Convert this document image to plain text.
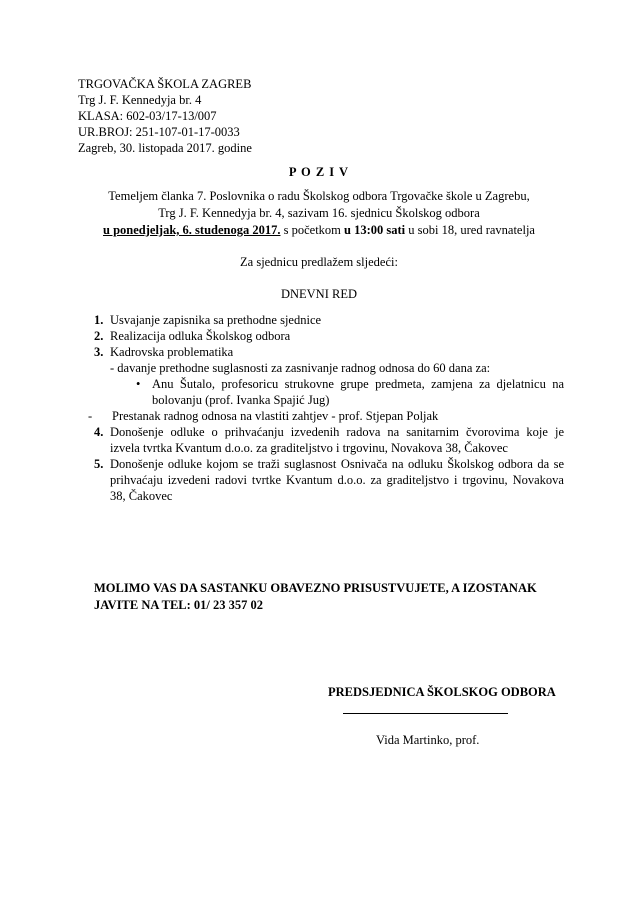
TRGOVAČKA ŠKOLA ZAGREB
Trg J. F. Kennedyja br. 4
KLASA: 602-03/17-13/007
UR.BROJ: 251-107-01-17-0033
Zagreb, 30. listopada 2017. godine
P O Z I V
Temeljem članka 7. Poslovnika o radu Školskog odbora Trgovačke škole u Zagrebu,
Trg J. F. Kennedyja br. 4, sazivam 16. sjednicu Školskog odbora
u ponedjeljak, 6. studenoga 2017. s početkom u 13:00 sati u sobi 18, ured ravnatelja
Za sjednicu predlažem sljedeći:
DNEVNI RED
1. Usvajanje zapisnika sa prethodne sjednice
2. Realizacija odluka Školskog odbora
3. Kadrovska problematika
- davanje prethodne suglasnosti za zasnivanje radnog odnosa do 60 dana za:
• Anu Šutalo, profesoricu strukovne grupe predmeta, zamjena za djelatnicu na
bolovanju (prof. Ivanka Spajić Jug)
- Prestanak radnog odnosa na vlastiti zahtjev - prof. Stjepan Poljak
4. Donošenje odluke o prihvaćanju izvedenih radova na sanitarnim čvorovima koje je
izvela tvrtka Kvantum d.o.o. za graditeljstvo i trgovinu, Novakova 38, Čakovec
5. Donošenje odluke kojom se traži suglasnost Osnivača na odluku Školskog odbora da se
prihvaćaju izvedeni radovi tvrtke Kvantum d.o.o. za graditeljstvo i trgovinu, Novakova
38, Čakovec
MOLIMO VAS DA SASTANKU OBAVEZNO PRISUSTVUJETE, A IZOSTANAK
JAVITE NA TEL: 01/ 23 357 02
PREDSJEDNICA ŠKOLSKOG ODBORA
Vida Martinko, prof.
